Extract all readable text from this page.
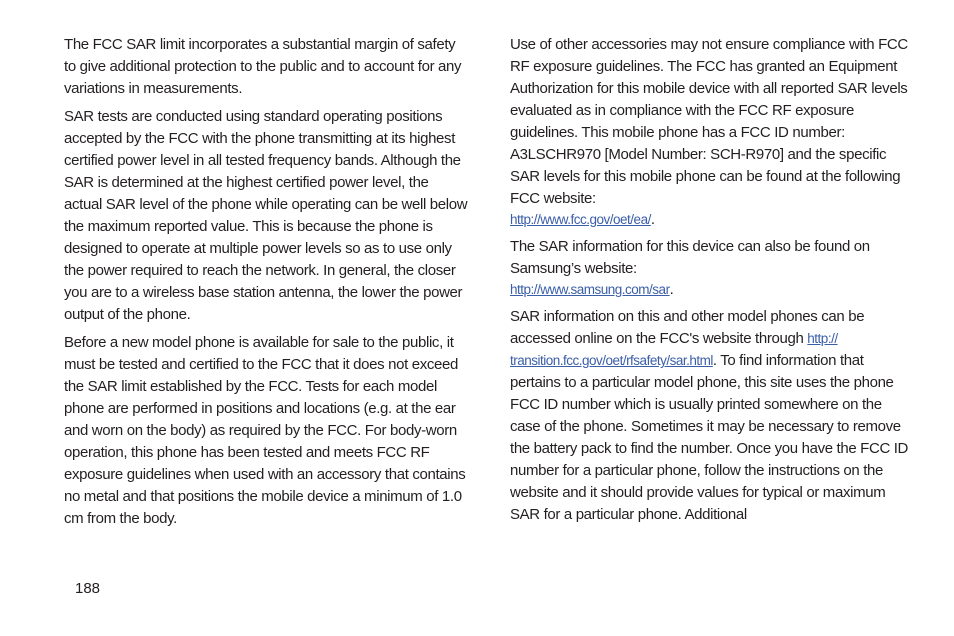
The FCC SAR limit incorporates a substantial margin of safety to give additional protection to the public and to account for any variations in measurements.

SAR tests are conducted using standard operating positions accepted by the FCC with the phone transmitting at its highest certified power level in all tested frequency bands. Although the SAR is determined at the highest certified power level, the actual SAR level of the phone while operating can be well below the maximum reported value. This is because the phone is designed to operate at multiple power levels so as to use only the power required to reach the network. In general, the closer you are to a wireless base station antenna, the lower the power output of the phone.

Before a new model phone is available for sale to the public, it must be tested and certified to the FCC that it does not exceed the SAR limit established by the FCC. Tests for each model phone are performed in positions and locations (e.g. at the ear and worn on the body) as required by the FCC. For body-worn operation, this phone has been tested and meets FCC RF exposure guidelines when used with an accessory that contains no metal and that positions the mobile device a minimum of 1.0 cm from the body.

Use of other accessories may not ensure compliance with FCC RF exposure guidelines. The FCC has granted an Equipment Authorization for this mobile device with all reported SAR levels evaluated as in compliance with the FCC RF exposure guidelines. This mobile phone has a FCC ID number: A3LSCHR970 [Model Number: SCH-R970] and the specific SAR levels for this mobile phone can be found at the following FCC website:
http://www.fcc.gov/oet/ea/.

The SAR information for this device can also be found on Samsung’s website:
http://www.samsung.com/sar.

SAR information on this and other model phones can be accessed online on the FCC's website through http:// transition.fcc.gov/oet/rfsafety/sar.html. To find information that pertains to a particular model phone, this site uses the phone FCC ID number which is usually printed somewhere on the case of the phone. Sometimes it may be necessary to remove the battery pack to find the number. Once you have the FCC ID number for a particular phone, follow the instructions on the website and it should provide values for typical or maximum SAR for a particular phone. Additional

188
